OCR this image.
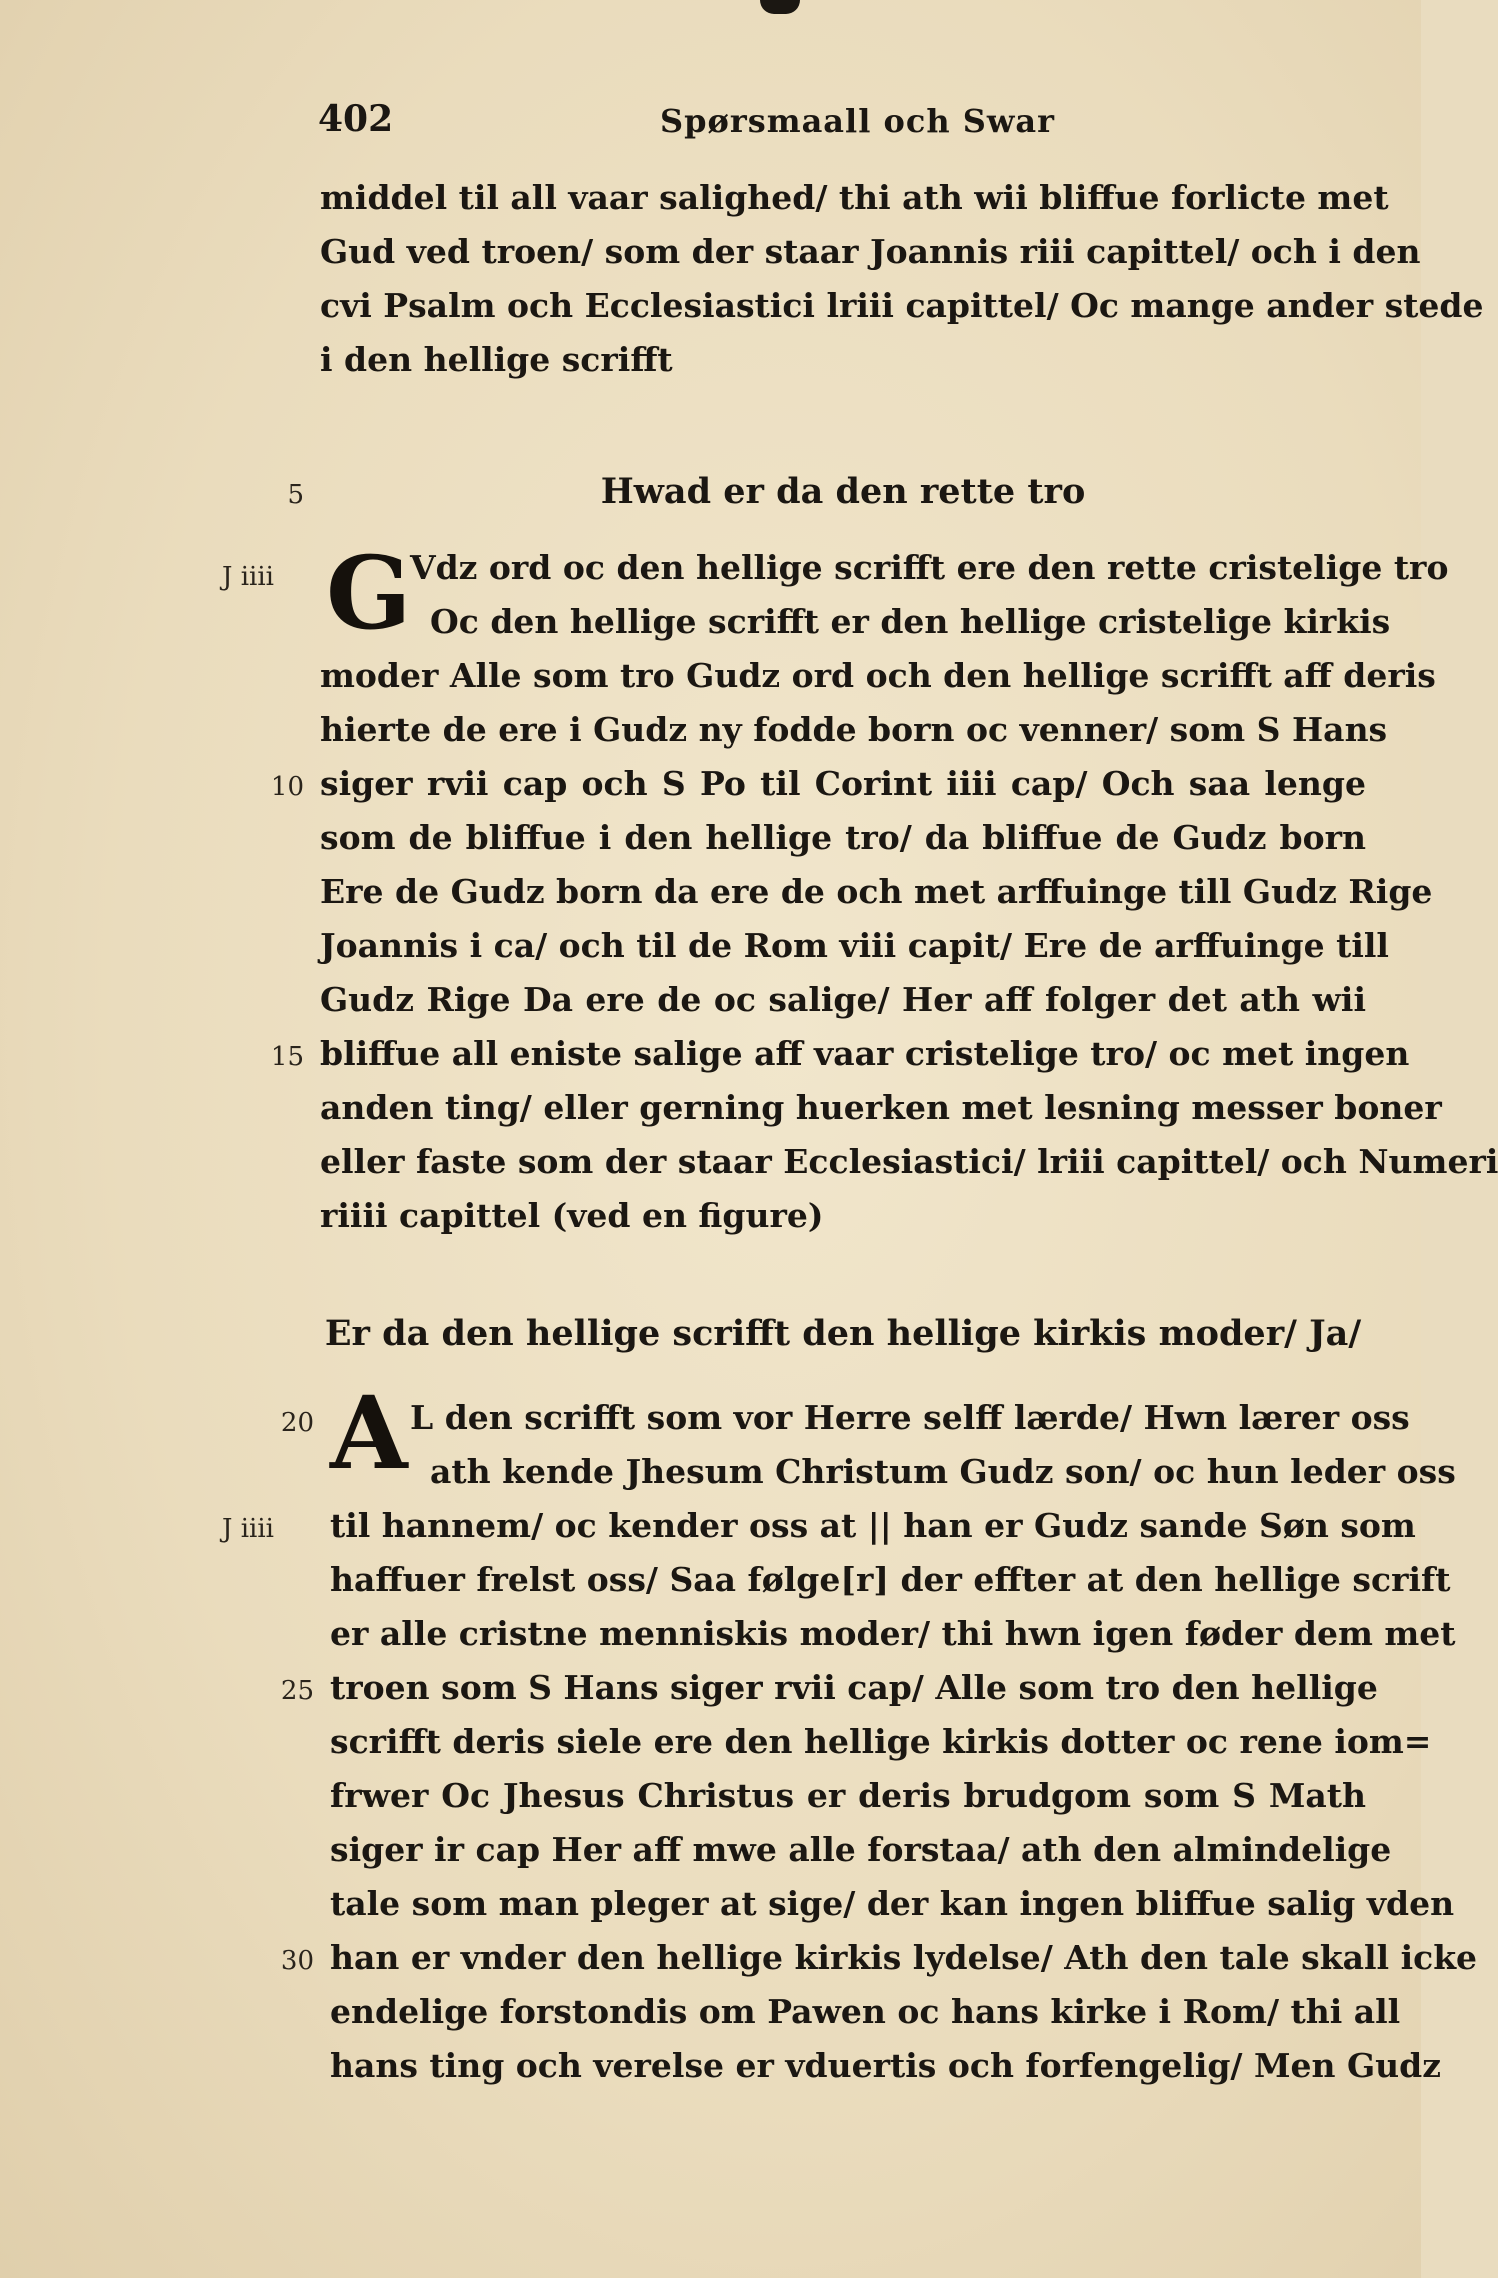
402	Spørsmaall och Swar
middel til all vaar salighed/ thi ath wii bliffue forlicte met
Gud ved troen/ som der staar Joannis riii capittel/ och i den
cvi Psalm och Ecclesiastici lriii capittel/ Oc mange ander stede
i den hellige scrifft
5	Hwad er da den rette tro
J iiii G
Vdz ord oc den hellige scrifft ere den rette cristelige tro
Oc den hellige scrifft er den hellige cristelige kirkis
moder Alle som tro Gudz ord och den hellige scrifft aff deris
hierte de ere i Gudz ny fodde born oc venner/ som S Hans
10 siger rvii cap och S Po til Corint iiii cap/ Och saa lenge
som de bliffue i den hellige tro/ da bliffue de Gudz born
Ere de Gudz born da ere de och met arffuinge till Gudz Rige
Joannis i ca/ och til de Rom viii capit/ Ere de arffuinge till
Gudz Rige Da ere de oc salige/ Her aff folger det ath wii
15 bliffue all eniste salige aff vaar cristelige tro/ oc met ingen
anden ting/ eller gerning huerken met lesning messer boner
eller faste som der staar Ecclesiastici/ lriii capittel/ och Numeri
riiii capittel (ved en figure)
Er da den hellige scrifft den hellige kirkis moder/ Ja/
A
20	L den scrifft som vor Herre selff lærde/ Hwn lærer oss
ath kende Jhesum Christum Gudz son/ oc hun leder oss
J iiii til hannem/ oc kender oss at || han er Gudz sande Søn som
haffuer frelst oss/ Saa følge[r] der effter at den hellige scrift
er alle cristne menniskis moder/ thi hwn igen føder dem met
25 troen som S Hans siger rvii cap/ Alle som tro den hellige
scrifft deris siele ere den hellige kirkis dotter oc rene iom=
frwer Oc Jhesus Christus er deris brudgom som S Math
siger ir cap Her aff mwe alle forstaa/ ath den almindelige
tale som man pleger at sige/ der kan ingen bliffue salig vden
30 han er vnder den hellige kirkis lydelse/ Ath den tale skall icke
endelige forstondis om Pawen oc hans kirke i Rom/ thi all
hans ting och verelse er vduertis och forfengelig/ Men Gudz
